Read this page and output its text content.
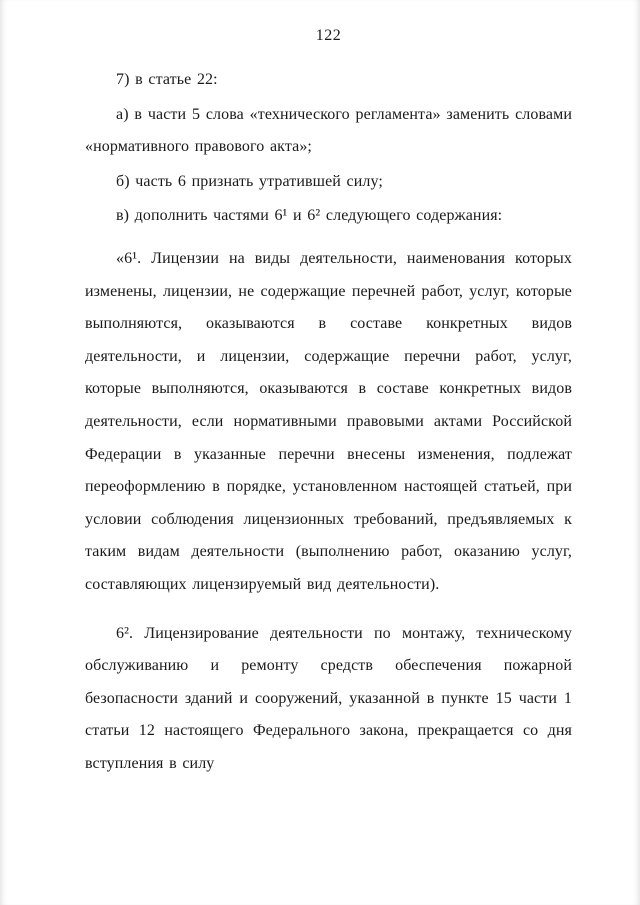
122

7) в статье 22:

а) в части 5 слова «технического регламента» заменить словами «нормативного правового акта»;

б) часть 6 признать утратившей силу;

в) дополнить частями 6¹ и 6² следующего содержания:

«6¹. Лицензии на виды деятельности, наименования которых изменены, лицензии, не содержащие перечней работ, услуг, которые выполняются, оказываются в составе конкретных видов деятельности, и лицензии, содержащие перечни работ, услуг, которые выполняются, оказываются в составе конкретных видов деятельности, если нормативными правовыми актами Российской Федерации в указанные перечни внесены изменения, подлежат переоформлению в порядке, установленном настоящей статьей, при условии соблюдения лицензионных требований, предъявляемых к таким видам деятельности (выполнению работ, оказанию услуг, составляющих лицензируемый вид деятельности).

6². Лицензирование деятельности по монтажу, техническому обслуживанию и ремонту средств обеспечения пожарной безопасности зданий и сооружений, указанной в пункте 15 части 1 статьи 12 настоящего Федерального закона, прекращается со дня вступления в силу
